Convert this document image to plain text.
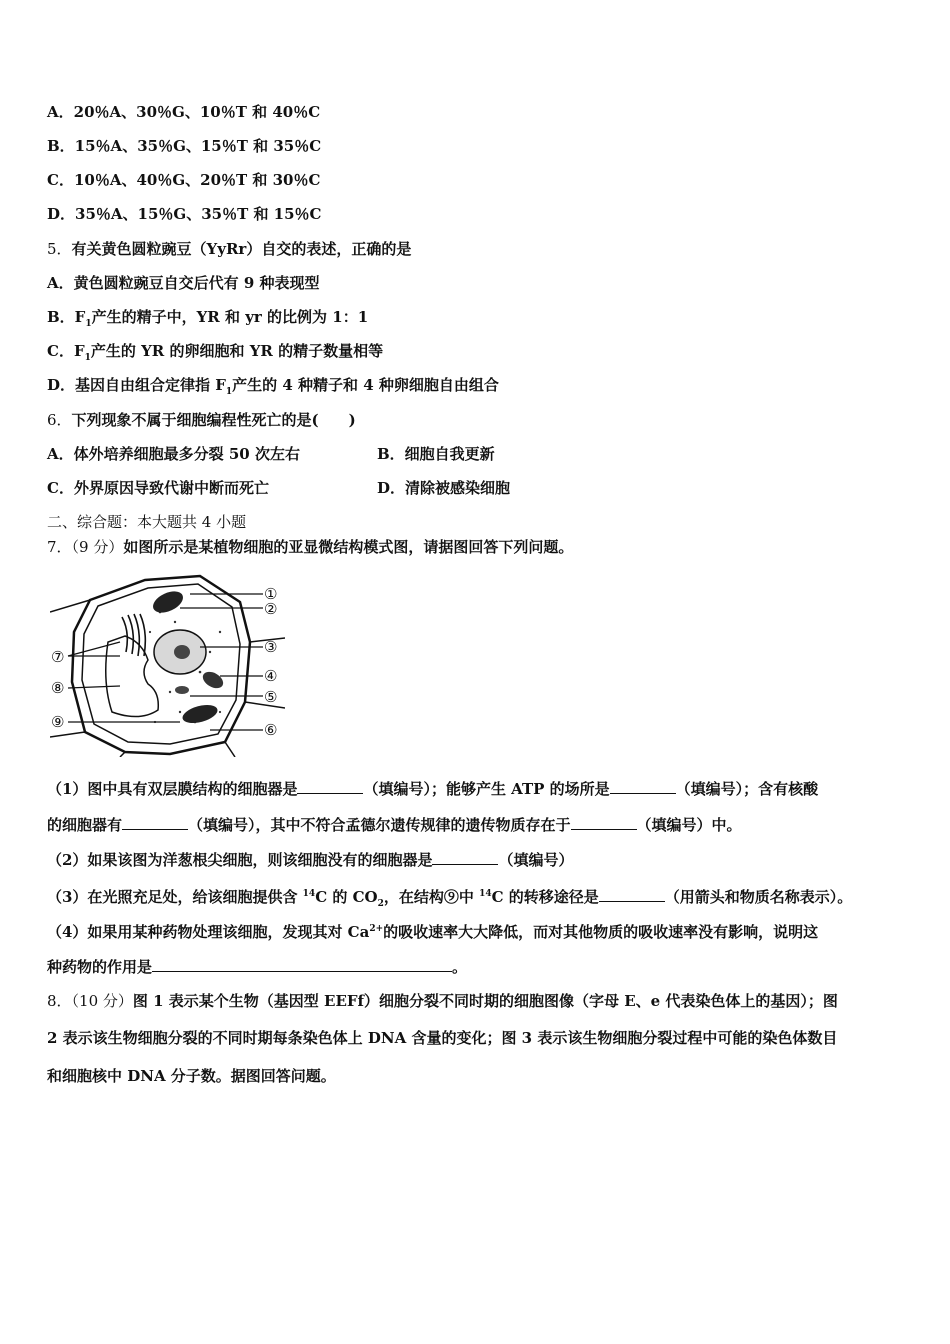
A．20％A、30％G、10％T 和 40％C
B．15％A、35％G、15％T 和 35％C
C．10％A、40％G、20％T 和 30％C
D．35％A、15％G、35％T 和 15％C
5．有关黄色圆粒豌豆（YyRr）自交的表述，正确的是
A．黄色圆粒豌豆自交后代有 9 种表现型
B．$F_1$产生的精子中，YR 和 yr 的比例为 1：1
C．$F_1$产生的 YR 的卵细胞和 YR 的精子数量相等
D．基因自由组合定律指 $F_1$产生的 4 种精子和 4 种卵细胞自由组合
6．下列现象不属于细胞编程性死亡的是(　　)
A．体外培养细胞最多分裂 50 次左右	B．细胞自我更新
C．外界原因导致代谢中断而死亡	D．清除被感染细胞
二、综合题：本大题共 4 小题
7．（9 分）如图所示是某植物细胞的亚显微结构模式图，请据图回答下列问题。
①
②
③
④
⑤
⑥
⑦
⑧
⑨
（1）图中具有双层膜结构的细胞器是	（填编号）；能够产生 ATP 的场所是	（填编号）；含有核酸
的细胞器有	（填编号），其中不符合孟德尔遗传规律的遗传物质存在于	（填编号）中。
（2）如果该图为洋葱根尖细胞，则该细胞没有的细胞器是	（填编号）
（3）在光照充足处，给该细胞提供含 $^{14}$C 的 $CO_2$，在结构⑨中 $^{14}$C 的转移途径是	（用箭头和物质名称表示）。
（4）如果用某种药物处理该细胞，发现其对 $Ca^{2+}$的吸收速率大大降低，而对其他物质的吸收速率没有影响，说明这
种药物的作用是	。
8．（10 分）图 1 表示某个生物（基因型 EEFf）细胞分裂不同时期的细胞图像（字母 E、e 代表染色体上的基因）；图
2 表示该生物细胞分裂的不同时期每条染色体上 DNA 含量的变化；图 3 表示该生物细胞分裂过程中可能的染色体数目
和细胞核中 DNA 分子数。据图回答问题。
